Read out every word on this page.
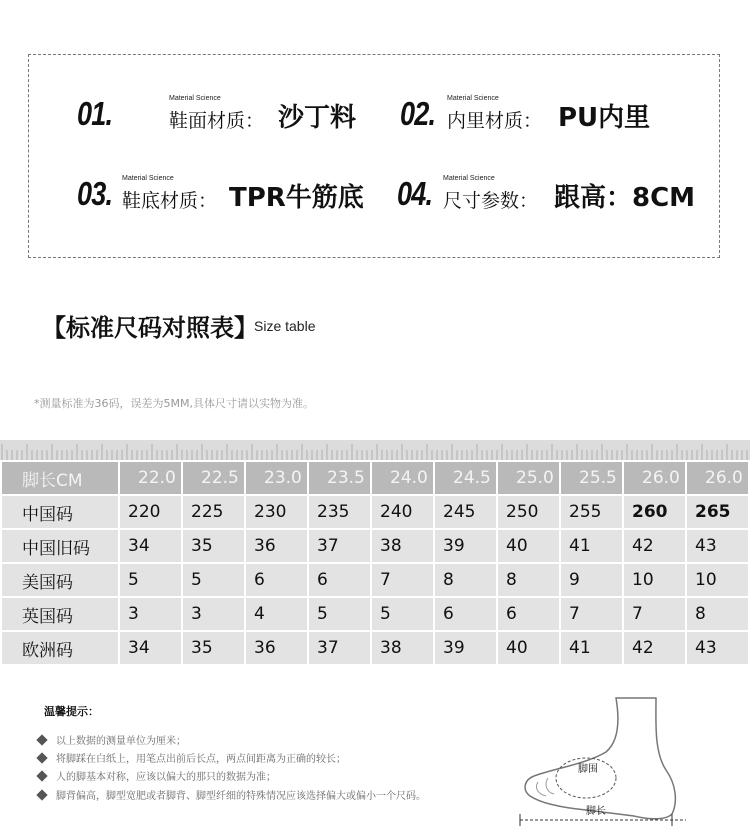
01.	Material Science
鞋面材质： 沙丁料 02. Material Science
内里材质： PU内里
03. Material Science
鞋底材质： TPR牛筋底 04. Material Science
尺寸参数： 跟高：8CM
【标准尺码对照表】
Size table
*测量标准为36码，误差为5MM,具体尺寸请以实物为准。
脚长CM	22.0	22.5	23.0	23.5	24.0	24.5	25.0	25.5	26.0	26.0
中国码	220	225	230	235	240	245	250	255	260	265
中国旧码	34	35	36	37	38	39	40	41	42	43
美国码	5	5	6	6	7	8	8	9	10	10
英国码	3	3	4	5	5	6	6	7	7	8
欧洲码	34	35	36	37	38	39	40	41	42	43
温馨提示：
以上数据的测量单位为厘米；
将脚踩在白纸上，用笔点出前后长点，两点间距离为正确的较长；
人的脚基本对称，应该以偏大的那只的数据为准；
脚背偏高，脚型宽肥或者脚背、脚型纤细的特殊情况应该选择偏大或偏小一个尺码。
脚围
脚长
